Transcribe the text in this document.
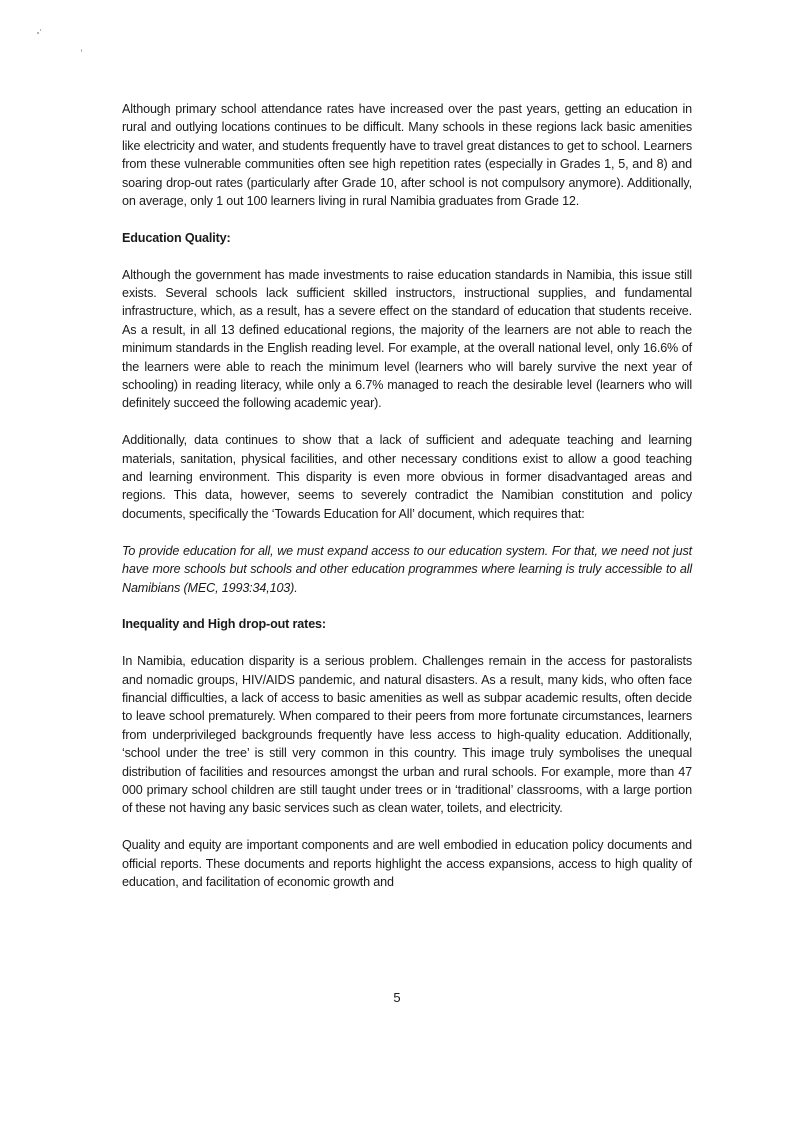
Although primary school attendance rates have increased over the past years, getting an education in rural and outlying locations continues to be difficult. Many schools in these regions lack basic amenities like electricity and water, and students frequently have to travel great distances to get to school. Learners from these vulnerable communities often see high repetition rates (especially in Grades 1, 5, and 8) and soaring drop-out rates (particularly after Grade 10, after school is not compulsory anymore). Additionally, on average, only 1 out 100 learners living in rural Namibia graduates from Grade 12.

Education Quality:

Although the government has made investments to raise education standards in Namibia, this issue still exists. Several schools lack sufficient skilled instructors, instructional supplies, and fundamental infrastructure, which, as a result, has a severe effect on the standard of education that students receive. As a result, in all 13 defined educational regions, the majority of the learners are not able to reach the minimum standards in the English reading level. For example, at the overall national level, only 16.6% of the learners were able to reach the minimum level (learners who will barely survive the next year of schooling) in reading literacy, while only a 6.7% managed to reach the desirable level (learners who will definitely succeed the following academic year).

Additionally, data continues to show that a lack of sufficient and adequate teaching and learning materials, sanitation, physical facilities, and other necessary conditions exist to allow a good teaching and learning environment. This disparity is even more obvious in former disadvantaged areas and regions. This data, however, seems to severely contradict the Namibian constitution and policy documents, specifically the ‘Towards Education for All’ document, which requires that:

To provide education for all, we must expand access to our education system. For that, we need not just have more schools but schools and other education programmes where learning is truly accessible to all Namibians (MEC, 1993:34,103).

Inequality and High drop-out rates:

In Namibia, education disparity is a serious problem. Challenges remain in the access for pastoralists and nomadic groups, HIV/AIDS pandemic, and natural disasters. As a result, many kids, who often face financial difficulties, a lack of access to basic amenities as well as subpar academic results, often decide to leave school prematurely. When compared to their peers from more fortunate circumstances, learners from underprivileged backgrounds frequently have less access to high-quality education. Additionally, ‘school under the tree’ is still very common in this country. This image truly symbolises the unequal distribution of facilities and resources amongst the urban and rural schools. For example, more than 47 000 primary school children are still taught under trees or in ‘traditional’ classrooms, with a large portion of these not having any basic services such as clean water, toilets, and electricity.

Quality and equity are important components and are well embodied in education policy documents and official reports. These documents and reports highlight the access expansions, access to high quality of education, and facilitation of economic growth and

5
